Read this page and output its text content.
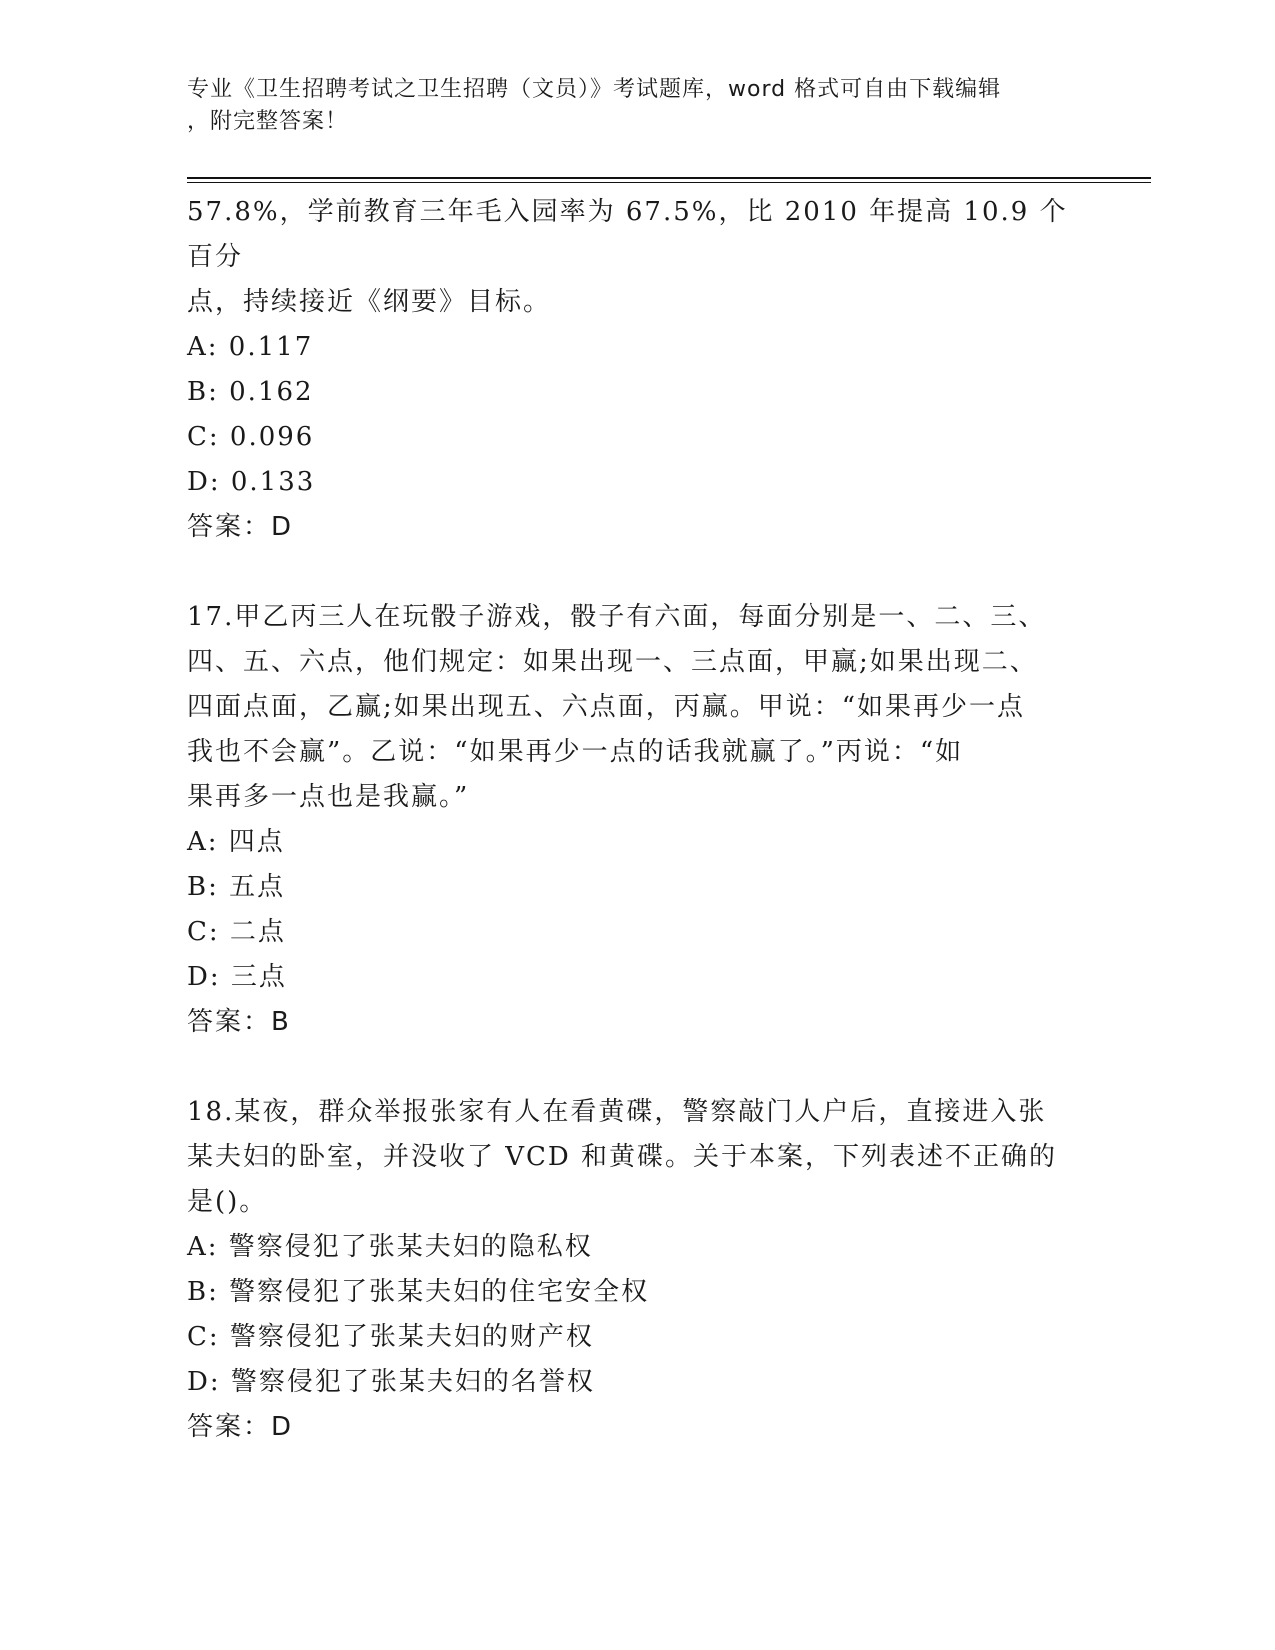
专业《卫生招聘考试之卫生招聘（文员）》考试题库，word 格式可自由下载编辑
，附完整答案！

57.8%，学前教育三年毛入园率为 67.5%，比 2010 年提高 10.9 个百分
点，持续接近《纲要》目标。

A: 0.117

B: 0.162

C: 0.096

D: 0.133

答案：D

17.甲乙丙三人在玩骰子游戏，骰子有六面，每面分别是一、二、三、
四、五、六点，他们规定：如果出现一、三点面，甲赢;如果出现二、
四面点面，乙赢;如果出现五、六点面，丙赢。甲说：“如果再少一点
我也不会赢”。乙说：“如果再少一点的话我就赢了。”丙说：“如
果再多一点也是我赢。”

A: 四点

B: 五点

C: 二点

D: 三点

答案：B

18.某夜，群众举报张家有人在看黄碟，警察敲门人户后，直接进入张
某夫妇的卧室，并没收了 VCD 和黄碟。关于本案，下列表述不正确的
是()。

A: 警察侵犯了张某夫妇的隐私权

B: 警察侵犯了张某夫妇的住宅安全权

C: 警察侵犯了张某夫妇的财产权

D: 警察侵犯了张某夫妇的名誉权

答案：D
